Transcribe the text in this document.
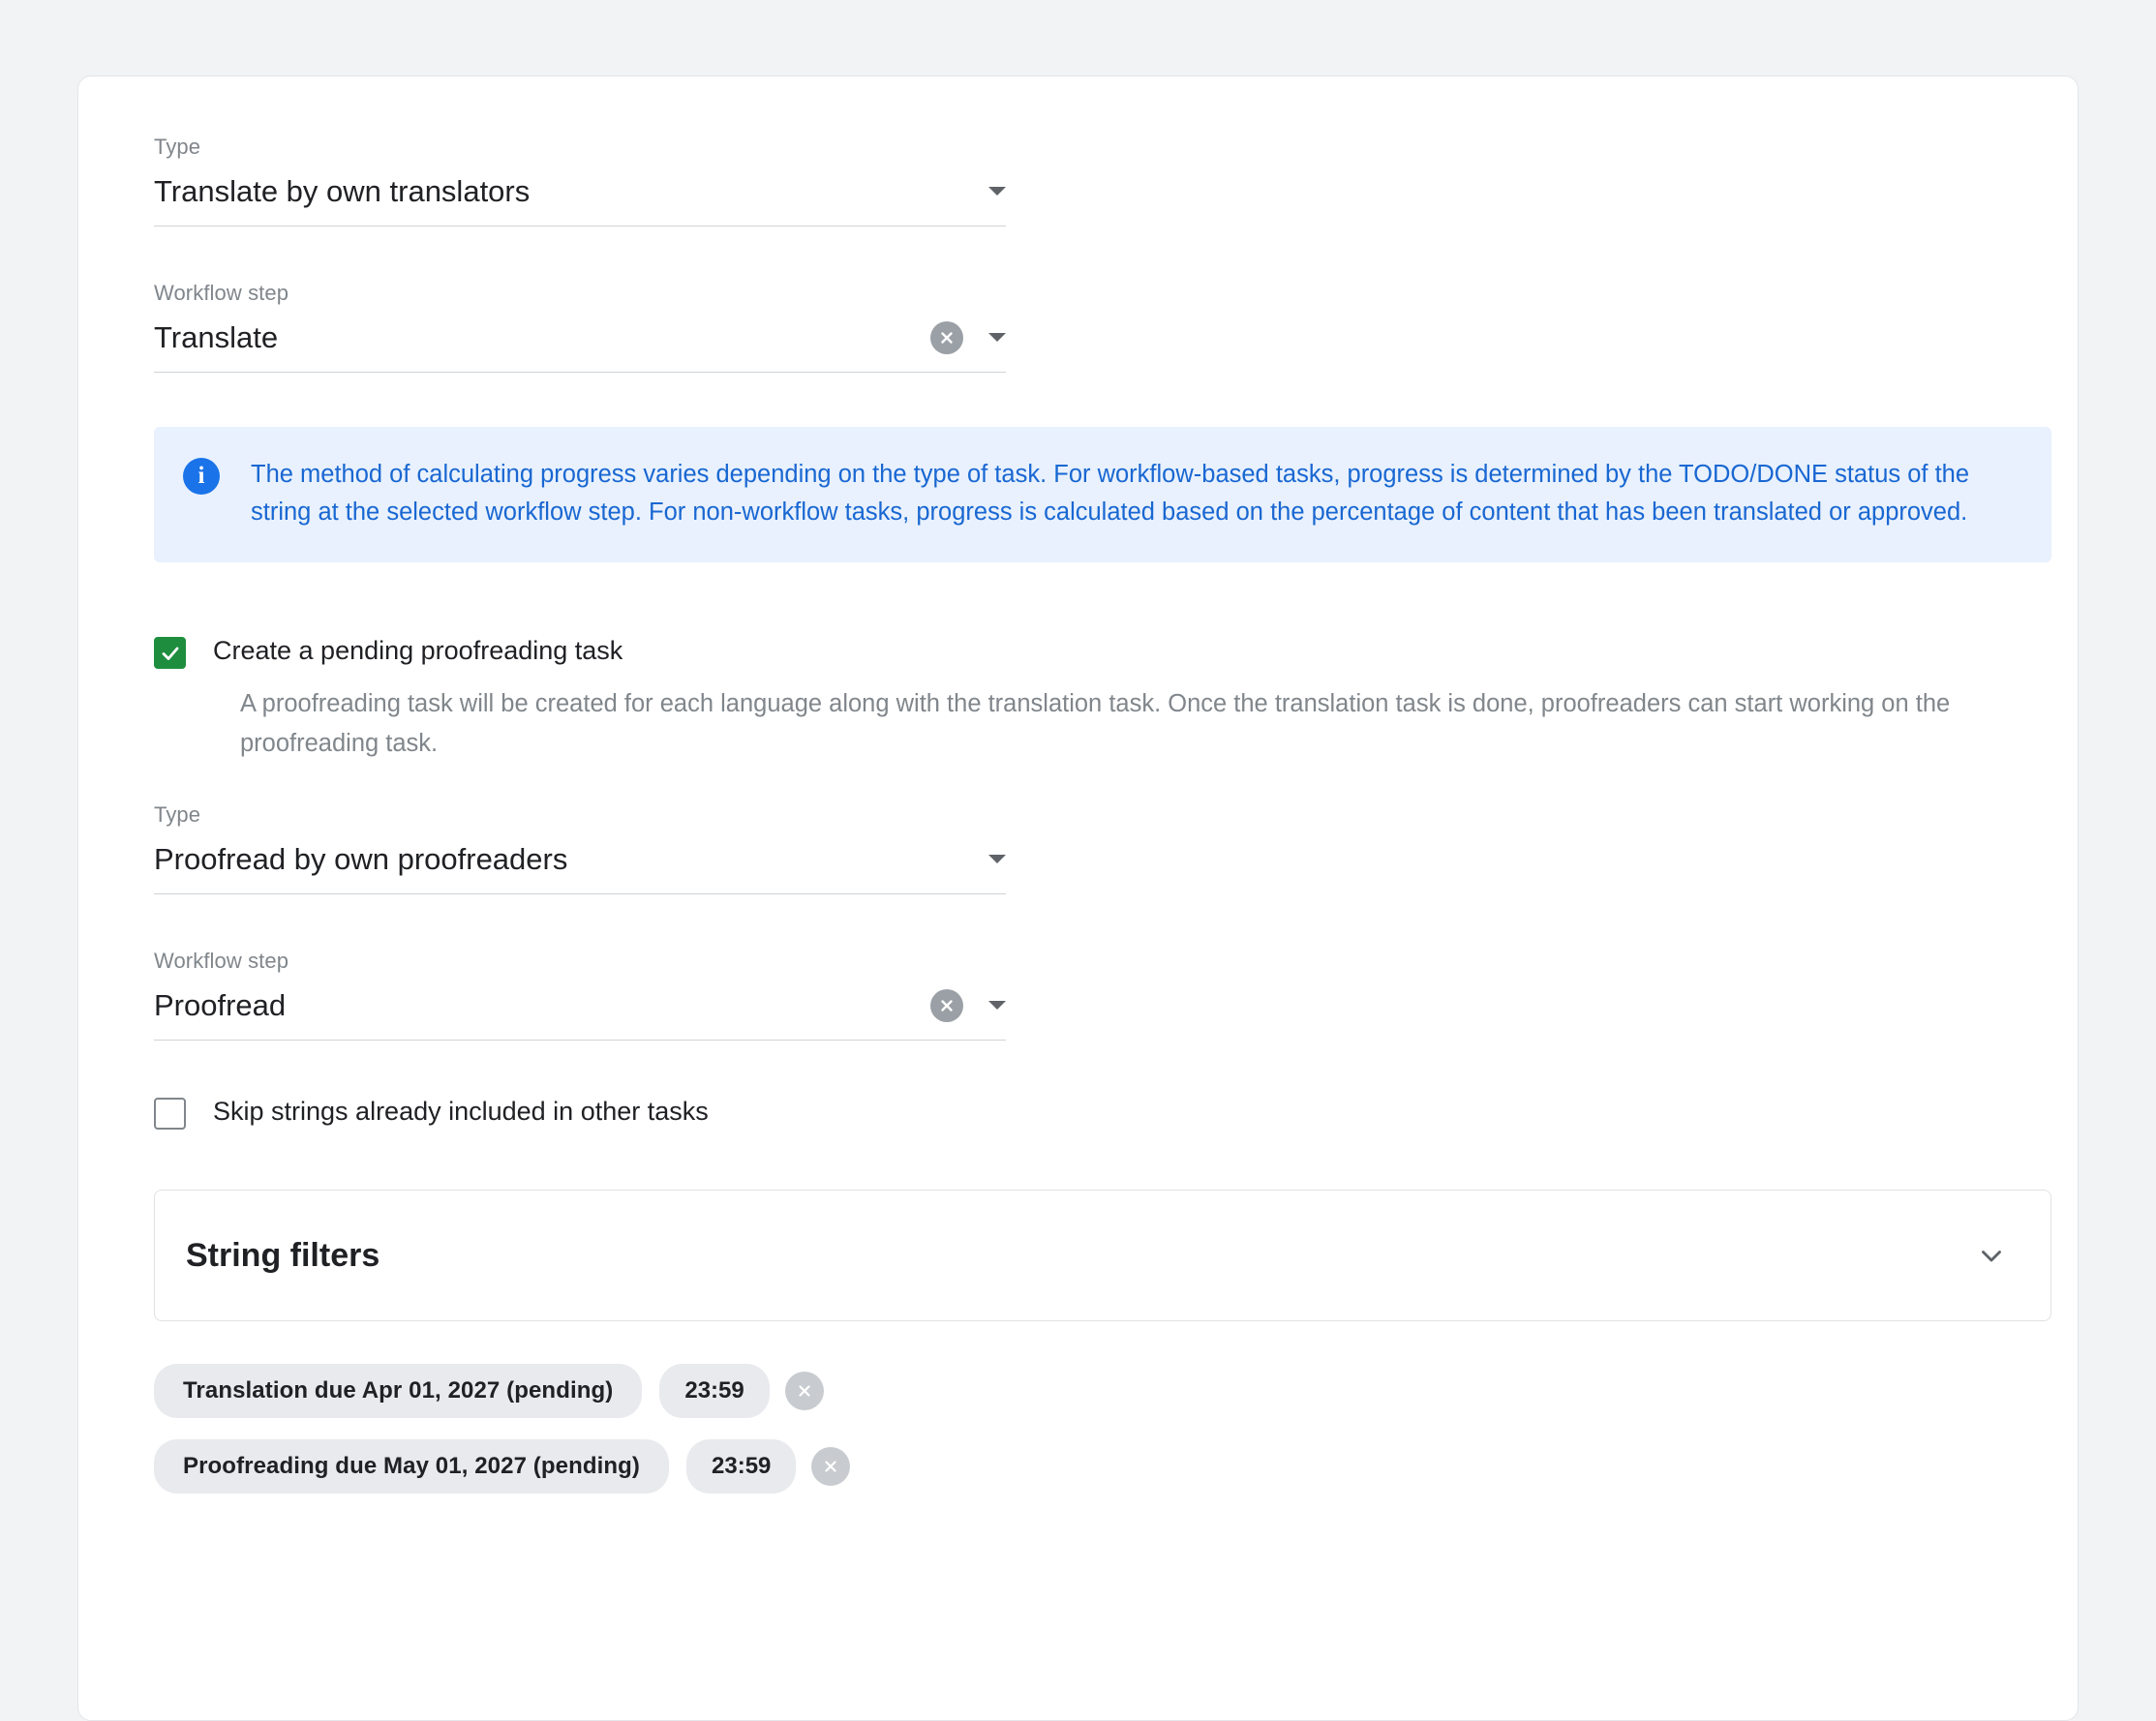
Type
Translate by own translators
Workflow step
Translate
i	The method of calculating progress varies depending on the type of task. For workflow-based tasks, progress is determined by the TODO/DONE status of the string at the selected workflow step. For non-workflow tasks, progress is calculated based on the percentage of content that has been translated or approved.
Create a pending proofreading task
A proofreading task will be created for each language along with the translation task. Once the translation task is done, proofreaders can start working on the proofreading task.
Type
Proofread by own proofreaders
Workflow step
Proofread
Skip strings already included in other tasks
String filters
Translation due Apr 01, 2027 (pending)	23:59
Proofreading due May 01, 2027 (pending)	23:59
